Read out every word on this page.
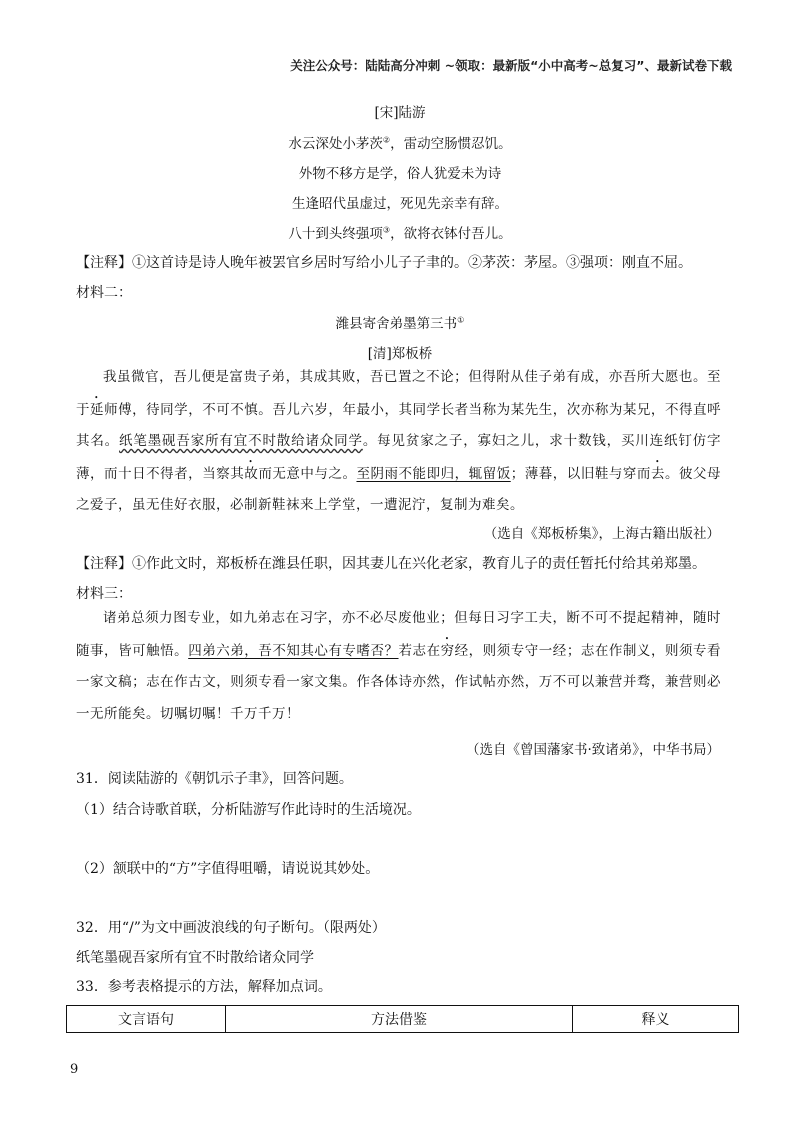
关注公众号：陆陆高分冲刺 ~领取：最新版“小中高考~总复习”、最新试卷下载
[宋]陆游
水云深处小茅茨②，雷动空肠惯忍饥。
外物不移方是学，俗人犹爱未为诗
生逢昭代虽虚过，死见先亲幸有辞。
八十到头终强项③，欲将衣钵付吾儿。
【注释】①这首诗是诗人晚年被罢官乡居时写给小儿子子聿的。②茅茨：茅屋。③强项：刚直不屈。
材料二：
潍县寄舍弟墨第三书①
[清]郑板桥

我虽微官，吾儿便是富贵子弟，其成其败，吾已置之不论；但得附从佳子弟有成，亦吾所大愿也。至于延师傅，待同学，不可不慎。吾儿六岁，年最小，其同学长者当称为某先生，次亦称为某兄，不得直呼其名。纸笔墨砚吾家所有宜不时散给诸众同学。每见贫家之子，寡妇之儿，求十数钱，买川连纸钉仿字薄，而十日不得者，当察其故而无意中与之。至阴雨不能即归，辄留饭；薄暮，以旧鞋与穿而去。彼父母之爱子，虽无佳好衣服，必制新鞋袜来上学堂，一遭泥泞，复制为难矣。

（选自《郑板桥集》，上海古籍出版社）
【注释】①作此文时，郑板桥在潍县任职，因其妻儿在兴化老家，教育儿子的责任暂托付给其弟郑墨。
材料三：

诸弟总须力图专业，如九弟志在习字，亦不必尽废他业；但每日习字工夫，断不可不提起精神，随时随事，皆可触悟。四弟六弟，吾不知其心有专嗜否？若志在穷经，则须专守一经；志在作制义，则须专看一家文稿；志在作古文，则须专看一家文集。作各体诗亦然，作试帖亦然，万不可以兼营并骛，兼营则必一无所能矣。切嘱切嘱！千万千万！

（选自《曾国藩家书·致诸弟》，中华书局）
31．阅读陆游的《朝饥示子聿》，回答问题。
（1）结合诗歌首联，分析陆游写作此诗时的生活境况。
（2）颔联中的“方”字值得咀嚼，请说说其妙处。
32．用“/”为文中画波浪线的句子断句。（限两处）
纸笔墨砚吾家所有宜不时散给诸众同学
33．参考表格提示的方法，解释加点词。
文言语句	方法借鉴	释义
9
